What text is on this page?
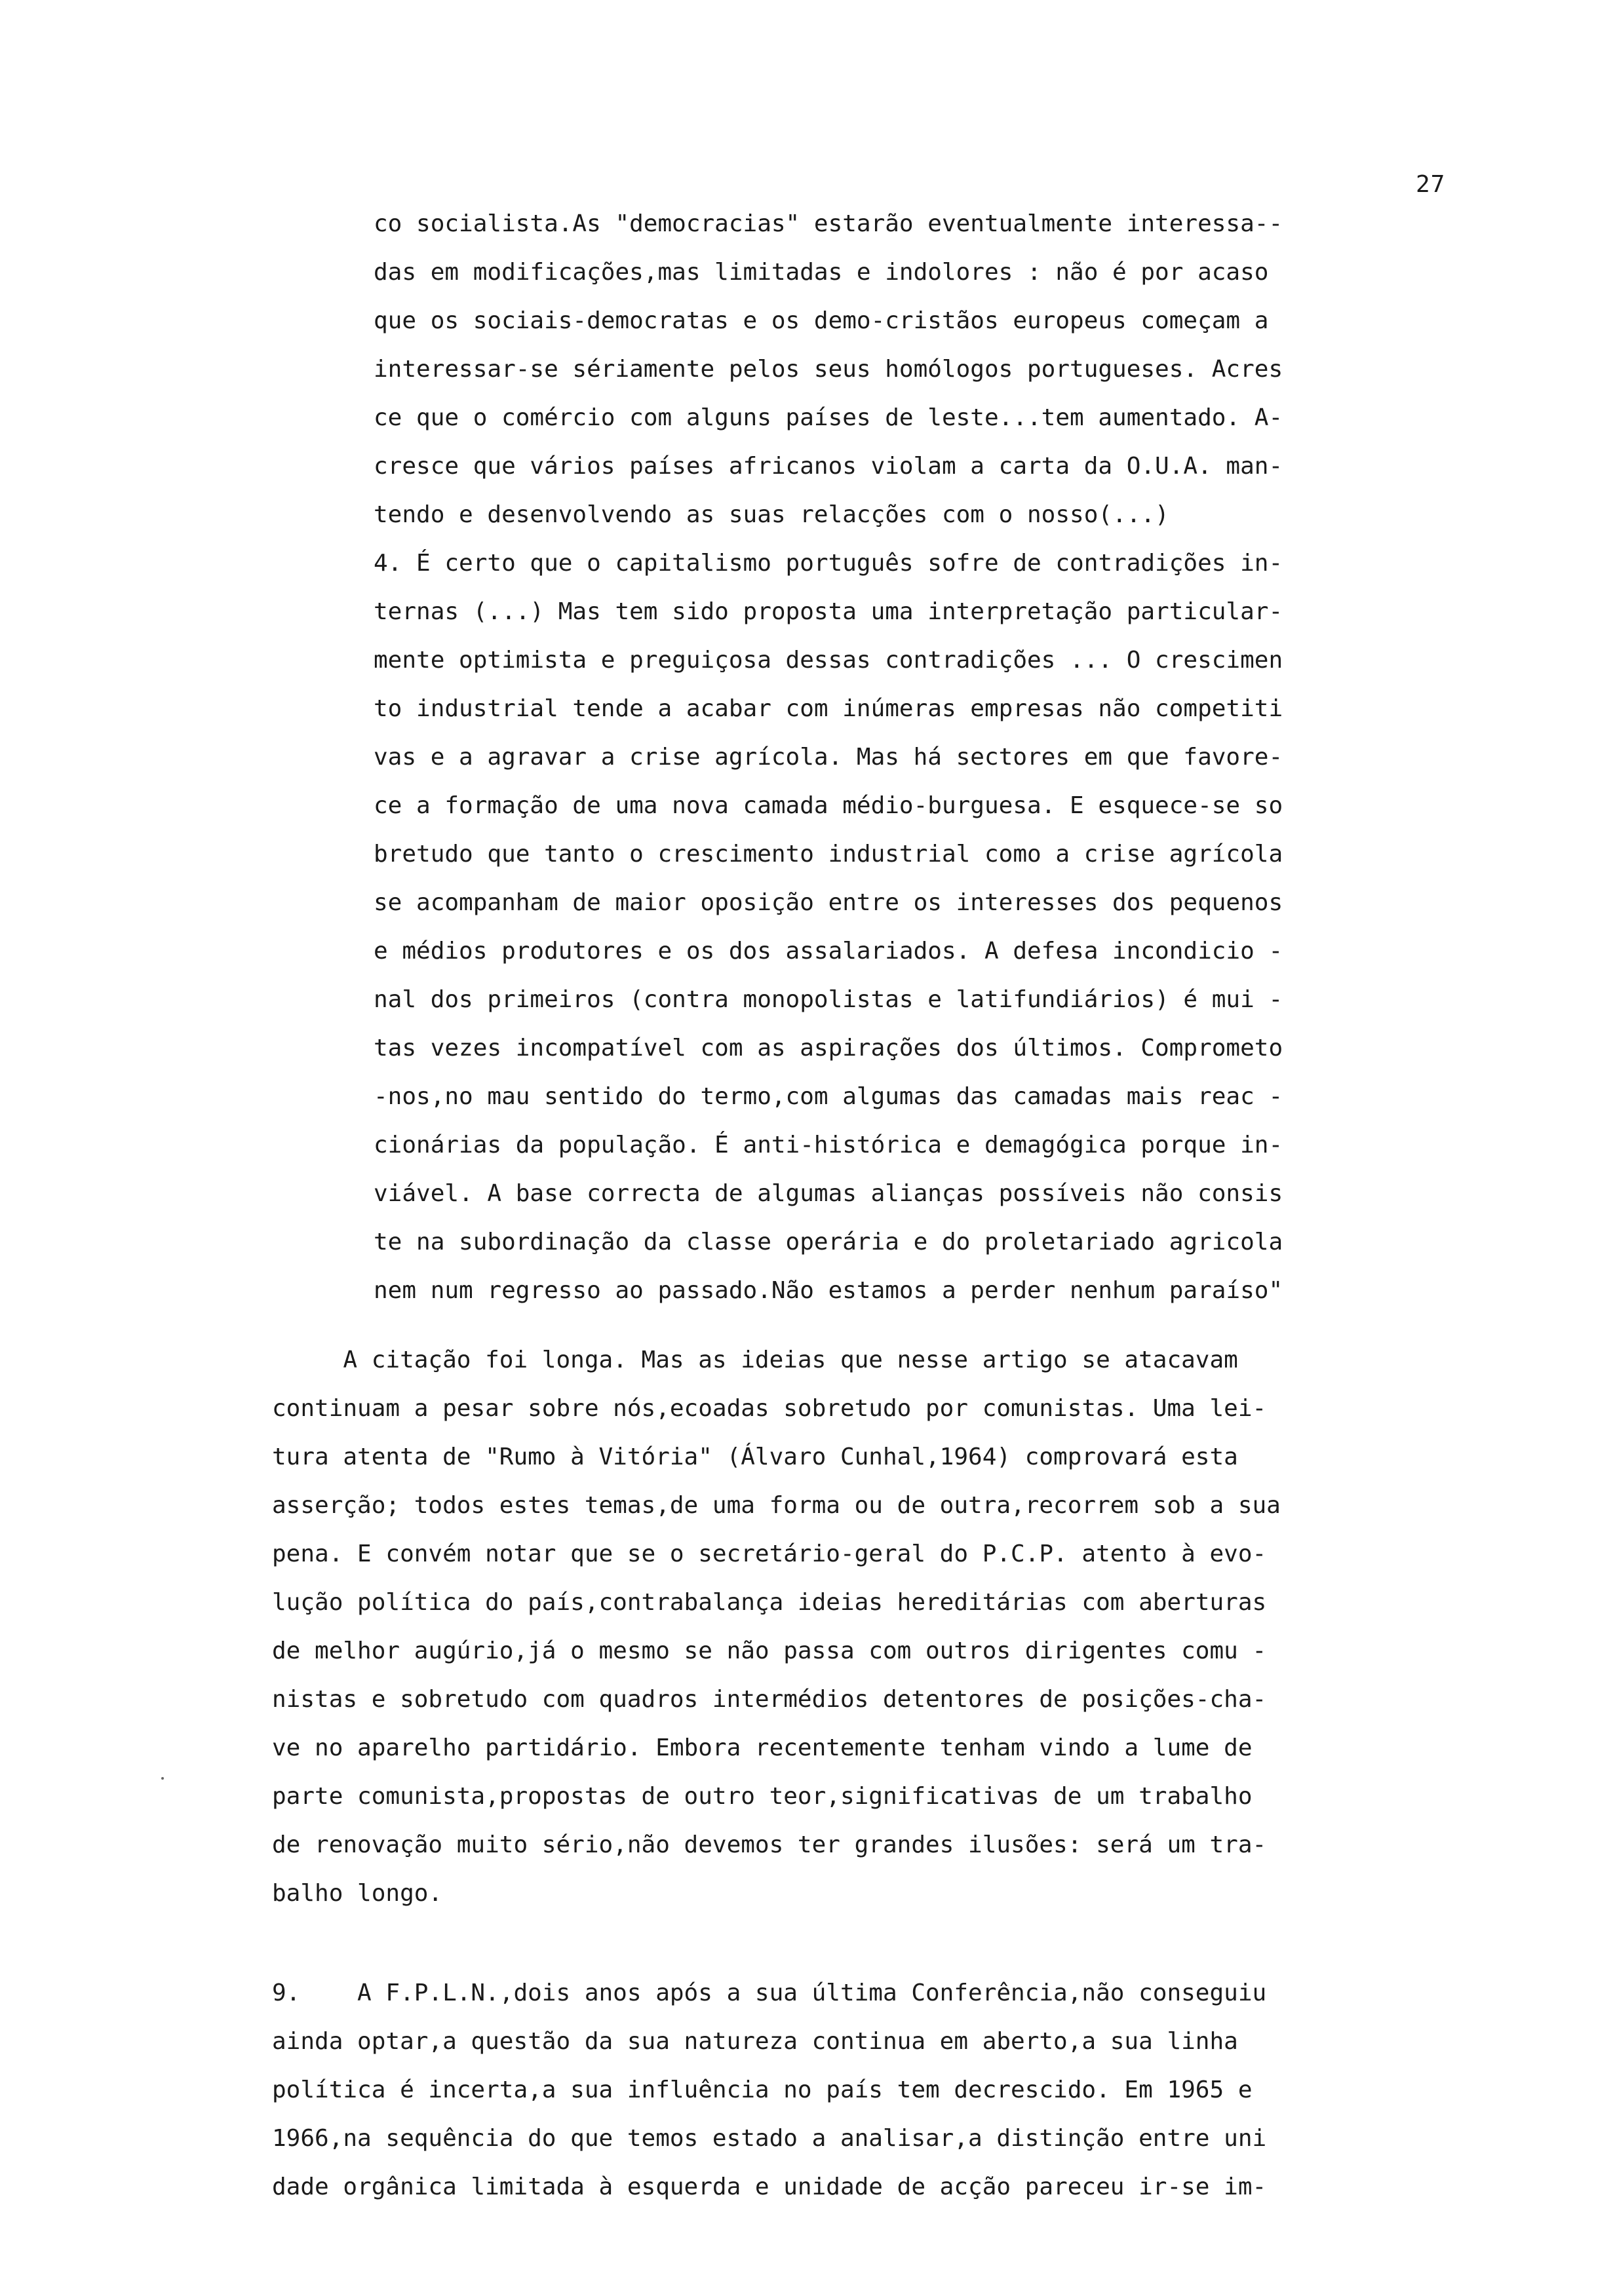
27
co socialista.As "democracias" estarão eventualmente interessa--
das em modificações,mas limitadas e indolores : não é por acaso
que os sociais-democratas e os demo-cristãos europeus começam a
interessar-se sériamente pelos seus homólogos portugueses. Acres
ce que o comércio com alguns países de leste...tem aumentado. A-
cresce que vários países africanos violam a carta da O.U.A. man-
tendo e desenvolvendo as suas relacções com o nosso(...)
4. É certo que o capitalismo português sofre de contradições in-
ternas (...) Mas tem sido proposta uma interpretação particular-
mente optimista e preguiçosa dessas contradições ... O crescimen
to industrial tende a acabar com inúmeras empresas não competiti
vas e a agravar a crise agrícola. Mas há sectores em que favore-
ce a formação de uma nova camada médio-burguesa. E esquece-se so
bretudo que tanto o crescimento industrial como a crise agrícola
se acompanham de maior oposição entre os interesses dos pequenos
e médios produtores e os dos assalariados. A defesa incondicio -
nal dos primeiros (contra monopolistas e latifundiários) é mui -
tas vezes incompatível com as aspirações dos últimos. Comprometo
-nos,no mau sentido do termo,com algumas das camadas mais reac -
cionárias da população. É anti-histórica e demagógica porque in-
viável. A base correcta de algumas alianças possíveis não consis
te na subordinação da classe operária e do proletariado agricola
nem num regresso ao passado.Não estamos a perder nenhum paraíso"
A citação foi longa. Mas as ideias que nesse artigo se atacavam
continuam a pesar sobre nós,ecoadas sobretudo por comunistas. Uma lei-
tura atenta de "Rumo à Vitória" (Álvaro Cunhal,1964) comprovará esta
asserção; todos estes temas,de uma forma ou de outra,recorrem sob a sua
pena. E convém notar que se o secretário-geral do P.C.P. atento à evo-
lução política do país,contrabalança ideias hereditárias com aberturas
de melhor augúrio,já o mesmo se não passa com outros dirigentes comu -
nistas e sobretudo com quadros intermédios detentores de posições-cha-
ve no aparelho partidário. Embora recentemente tenham vindo a lume de
parte comunista,propostas de outro teor,significativas de um trabalho
de renovação muito sério,não devemos ter grandes ilusões: será um tra-
balho longo.
9.    A F.P.L.N.,dois anos após a sua última Conferência,não conseguiu
ainda optar,a questão da sua natureza continua em aberto,a sua linha
política é incerta,a sua influência no país tem decrescido. Em 1965 e
1966,na sequência do que temos estado a analisar,a distinção entre uni
dade orgânica limitada à esquerda e unidade de acção pareceu ir-se im-
